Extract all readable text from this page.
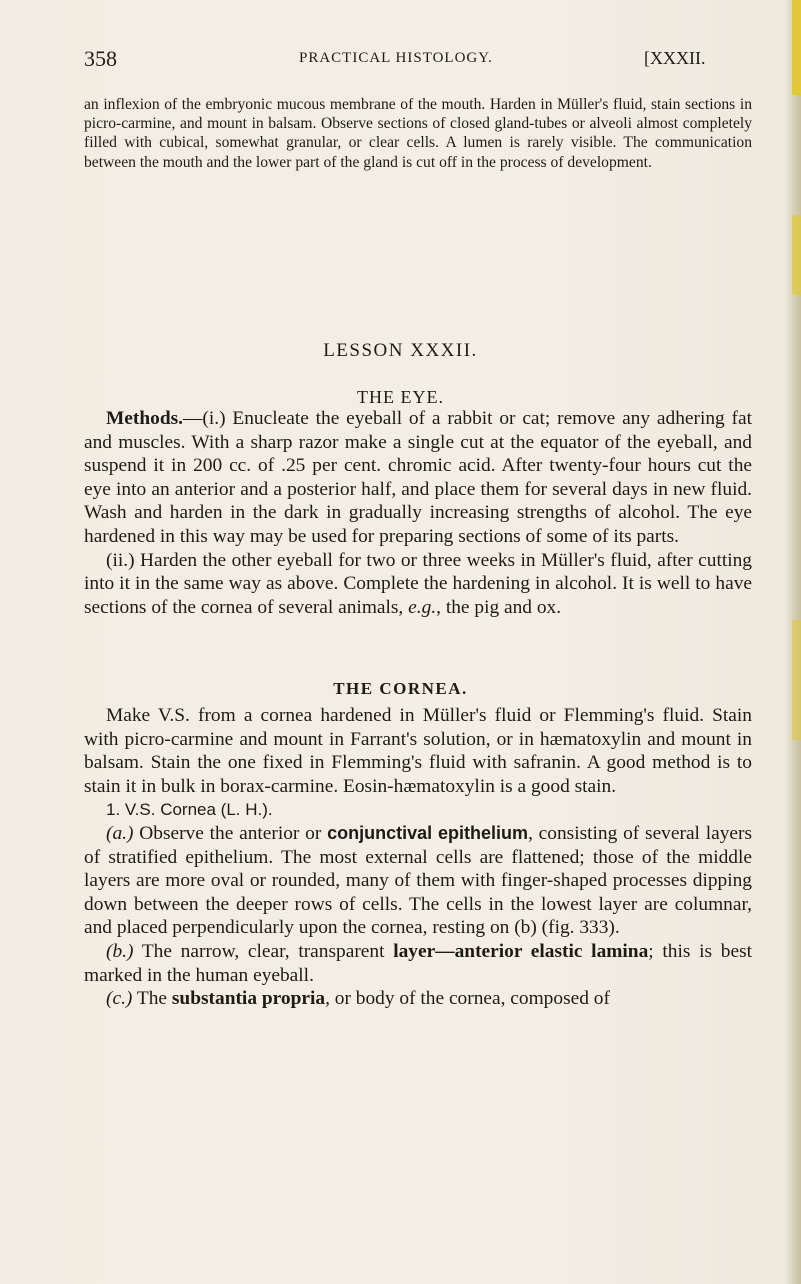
358	PRACTICAL HISTOLOGY.	[XXXII.

an inflexion of the embryonic mucous membrane of the mouth. Harden in Müller's fluid, stain sections in picro-carmine, and mount in balsam. Observe sections of closed gland-tubes or alveoli almost completely filled with cubical, somewhat granular, or clear cells. A lumen is rarely visible. The communication between the mouth and the lower part of the gland is cut off in the process of development.

LESSON XXXII.
THE EYE.

Methods.—(i.) Enucleate the eyeball of a rabbit or cat; remove any adhering fat and muscles. With a sharp razor make a single cut at the equator of the eyeball, and suspend it in 200 cc. of .25 per cent. chromic acid. After twenty-four hours cut the eye into an anterior and a posterior half, and place them for several days in new fluid. Wash and harden in the dark in gradually increasing strengths of alcohol. The eye hardened in this way may be used for preparing sections of some of its parts.

(ii.) Harden the other eyeball for two or three weeks in Müller's fluid, after cutting into it in the same way as above. Complete the hardening in alcohol. It is well to have sections of the cornea of several animals, e.g., the pig and ox.

THE CORNEA.

Make V.S. from a cornea hardened in Müller's fluid or Flemming's fluid. Stain with picro-carmine and mount in Farrant's solution, or in hæmatoxylin and mount in balsam. Stain the one fixed in Flemming's fluid with safranin. A good method is to stain it in bulk in borax-carmine. Eosin-hæmatoxylin is a good stain.

1. V.S. Cornea (L. H.).

(a.) Observe the anterior or conjunctival epithelium, consisting of several layers of stratified epithelium. The most external cells are flattened; those of the middle layers are more oval or rounded, many of them with finger-shaped processes dipping down between the deeper rows of cells. The cells in the lowest layer are columnar, and placed perpendicularly upon the cornea, resting on (b) (fig. 333).

(b.) The narrow, clear, transparent layer—anterior elastic lamina; this is best marked in the human eyeball.

(c.) The substantia propria, or body of the cornea, composed of
